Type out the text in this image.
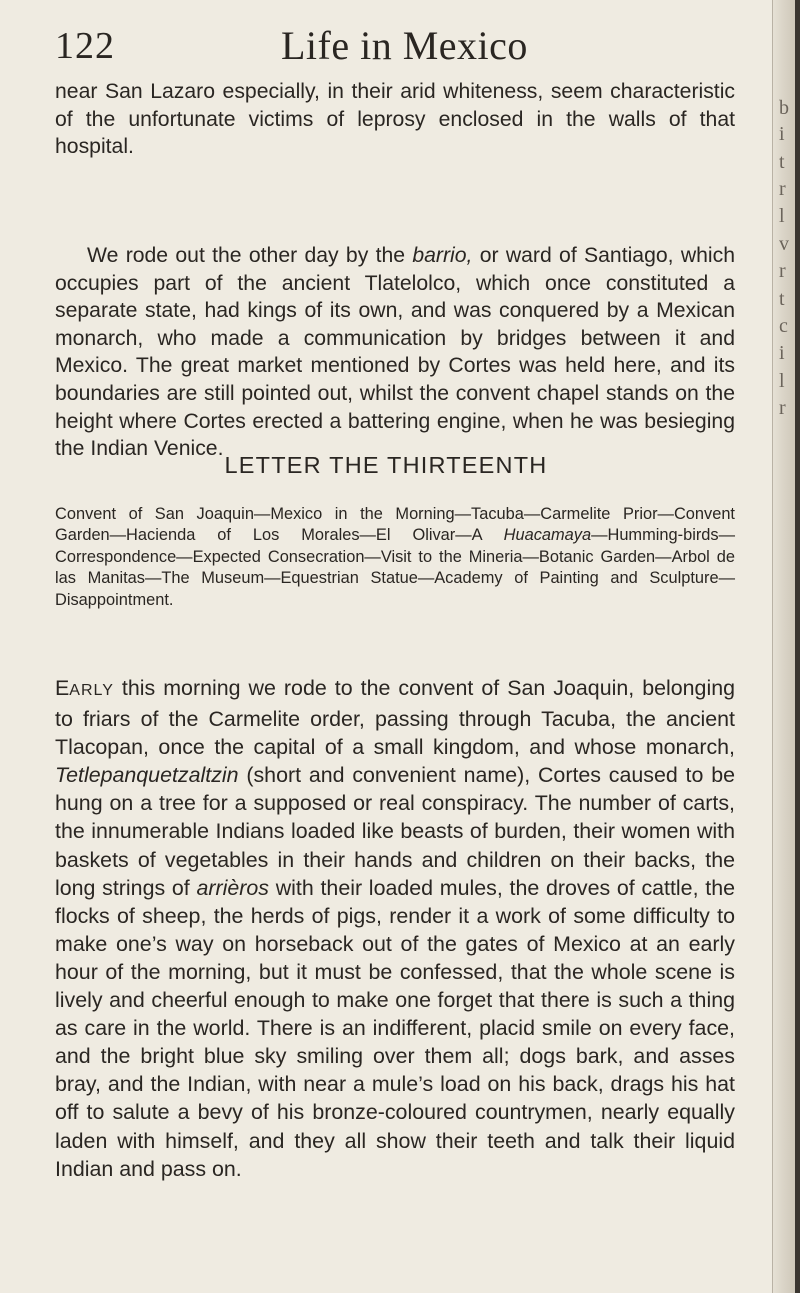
122	Life in Mexico

near San Lazaro especially, in their arid whiteness, seem characteristic of the unfortunate victims of leprosy enclosed in the walls of that hospital.

We rode out the other day by the barrio, or ward of Santiago, which occupies part of the ancient Tlatelolco, which once constituted a separate state, had kings of its own, and was conquered by a Mexican monarch, who made a communication by bridges between it and Mexico. The great market mentioned by Cortes was held here, and its boundaries are still pointed out, whilst the convent chapel stands on the height where Cortes erected a battering engine, when he was besieging the Indian Venice.

LETTER THE THIRTEENTH

Convent of San Joaquin—Mexico in the Morning—Tacuba—Carmelite Prior—Convent Garden—Hacienda of Los Morales—El Olivar—A Huacamaya—Humming-birds—Correspondence—Expected Consecration—Visit to the Mineria—Botanic Garden—Arbol de las Manitas—The Museum—Equestrian Statue—Academy of Painting and Sculpture—Disappointment.

EARLY this morning we rode to the convent of San Joaquin, belonging to friars of the Carmelite order, passing through Tacuba, the ancient Tlacopan, once the capital of a small kingdom, and whose monarch, Tetlepanquetzaltzin (short and convenient name), Cortes caused to be hung on a tree for a supposed or real conspiracy. The number of carts, the innumerable Indians loaded like beasts of burden, their women with baskets of vegetables in their hands and children on their backs, the long strings of arrièros with their loaded mules, the droves of cattle, the flocks of sheep, the herds of pigs, render it a work of some difficulty to make one’s way on horseback out of the gates of Mexico at an early hour of the morning, but it must be confessed, that the whole scene is lively and cheerful enough to make one forget that there is such a thing as care in the world. There is an indifferent, placid smile on every face, and the bright blue sky smiling over them all; dogs bark, and asses bray, and the Indian, with near a mule’s load on his back, drags his hat off to salute a bevy of his bronze-coloured countrymen, nearly equally laden with himself, and they all show their teeth and talk their liquid Indian and pass on.

b
i
t
r
l
v
r
t
c
i
l
r
